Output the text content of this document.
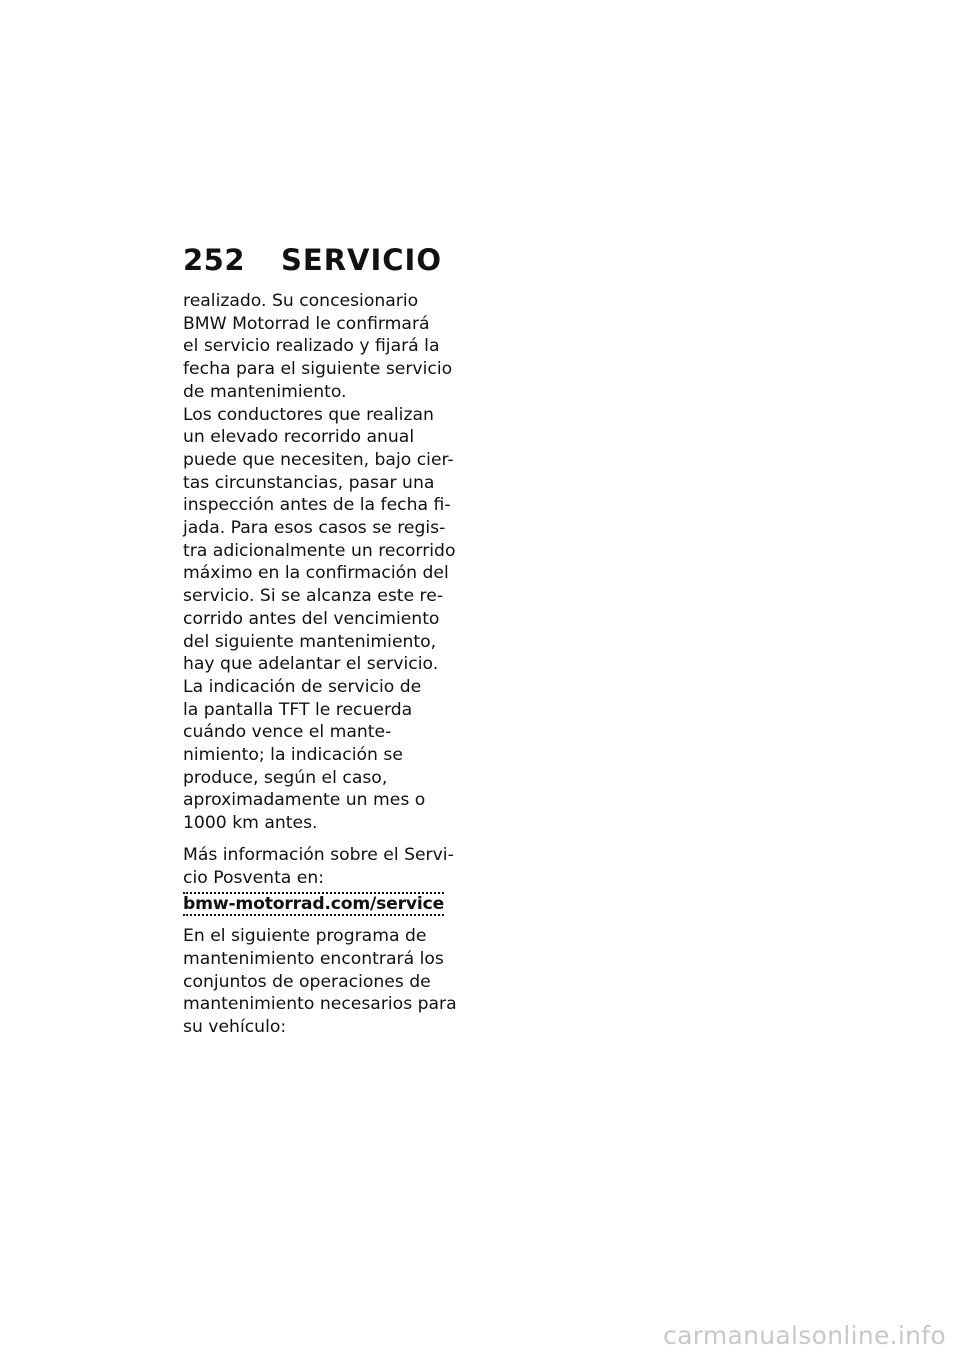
252	SERVICIO

realizado. Su concesionario
BMW Motorrad le confirmará
el servicio realizado y fijará la
fecha para el siguiente servicio
de mantenimiento.

Los conductores que realizan
un elevado recorrido anual
puede que necesiten, bajo cier-
tas circunstancias, pasar una
inspección antes de la fecha fi-
jada. Para esos casos se regis-
tra adicionalmente un recorrido
máximo en la confirmación del
servicio. Si se alcanza este re-
corrido antes del vencimiento
del siguiente mantenimiento,
hay que adelantar el servicio.

La indicación de servicio de
la pantalla TFT le recuerda
cuándo vence el mante-
nimiento; la indicación se
produce, según el caso,
aproximadamente un mes o
1000 km antes.

Más información sobre el Servi-
cio Posventa en:
bmw-motorrad.com/service

En el siguiente programa de
mantenimiento encontrará los
conjuntos de operaciones de
mantenimiento necesarios para
su vehículo:

carmanualsonline.info
